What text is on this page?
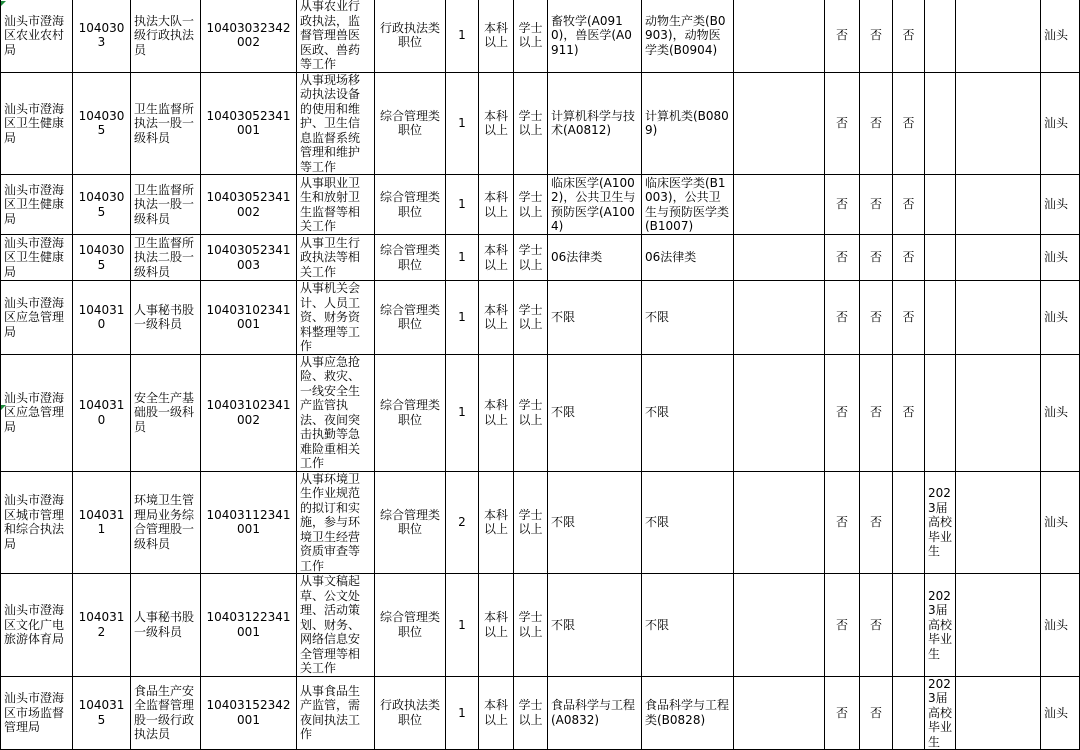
汕头市澄海区农业农村局	1040303	执法大队一级行政执法员	10403032342002	从事农业行政执法，监督管理兽医医政、兽药等工作	行政执法类职位	1	本科以上	学士以上	畜牧学(A0910)，兽医学(A0911)	动物生产类(B0903)，动物医学类(B0904)		否	否	否			汕头
汕头市澄海区卫生健康局	1040305	卫生监督所执法一股一级科员	10403052341001	从事现场移动执法设备的使用和维护、卫生信息监督系统管理和维护等工作	综合管理类职位	1	本科以上	学士以上	计算机科学与技术(A0812)	计算机类(B0809)		否	否	否			汕头
汕头市澄海区卫生健康局	1040305	卫生监督所执法一股一级科员	10403052341002	从事职业卫生和放射卫生监督等相关工作	综合管理类职位	1	本科以上	学士以上	临床医学(A1002)，公共卫生与预防医学(A1004)	临床医学类(B1003)，公共卫生与预防医学类(B1007)		否	否	否			汕头
汕头市澄海区卫生健康局	1040305	卫生监督所执法二股一级科员	10403052341003	从事卫生行政执法等相关工作	综合管理类职位	1	本科以上	学士以上	06法律类	06法律类		否	否	否			汕头
汕头市澄海区应急管理局	1040310	人事秘书股一级科员	10403102341001	从事机关会计、人员工资、财务资料整理等工作	综合管理类职位	1	本科以上	学士以上	不限	不限		否	否	否			汕头
汕头市澄海区应急管理局	1040310	安全生产基础股一级科员	10403102341002	从事应急抢险、救灾、一线安全生产监管执法、夜间突击执勤等急难险重相关工作	综合管理类职位	1	本科以上	学士以上	不限	不限		否	否	否			汕头
汕头市澄海区城市管理和综合执法局	1040311	环境卫生管理局业务综合管理股一级科员	10403112341001	从事环境卫生作业规范的拟订和实施，参与环境卫生经营资质审查等工作	综合管理类职位	2	本科以上	学士以上	不限	不限		否	否		2023届高校毕业生		汕头
汕头市澄海区文化广电旅游体育局	1040312	人事秘书股一级科员	10403122341001	从事文稿起草、公文处理、活动策划、财务、网络信息安全管理等相关工作	综合管理类职位	1	本科以上	学士以上	不限	不限		否	否		2023届高校毕业生		汕头
汕头市澄海区市场监督管理局	1040315	食品生产安全监督管理股一级行政执法员	10403152342001	从事食品生产监管，需夜间执法工作	行政执法类职位	1	本科以上	学士以上	食品科学与工程(A0832)	食品科学与工程类(B0828)		否	否		2023届高校毕业生		汕头
